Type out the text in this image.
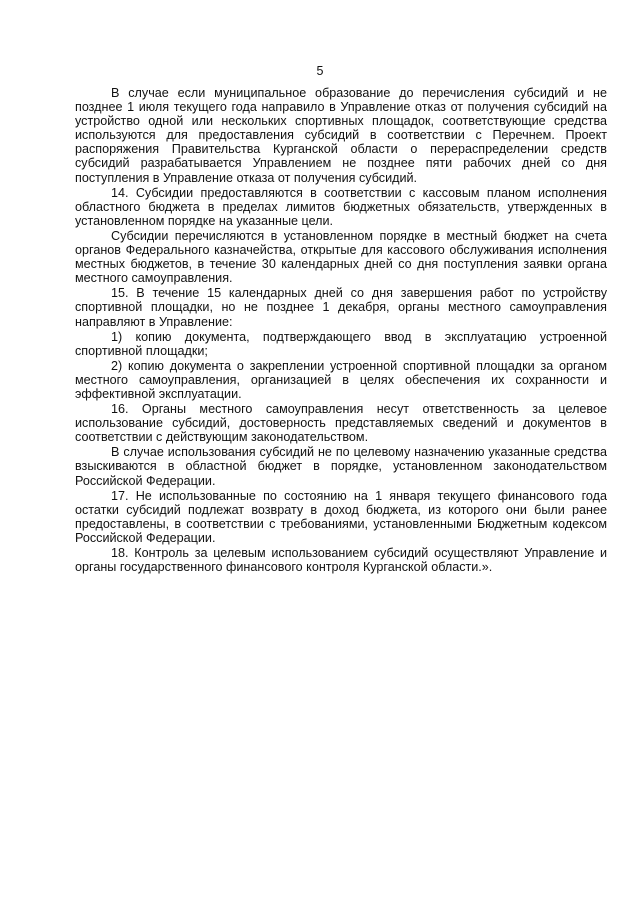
5

В случае если муниципальное образование до перечисления субсидий и не позднее 1 июля текущего года направило в Управление отказ от получения субсидий на устройство одной или нескольких спортивных площадок, соответствующие средства используются для предоставления субсидий в соответствии с Перечнем. Проект распоряжения Правительства Курганской области о перераспределении средств субсидий разрабатывается Управлением не позднее пяти рабочих дней со дня поступления в Управление отказа от получения субсидий.

14. Субсидии предоставляются в соответствии с кассовым планом исполнения областного бюджета в пределах лимитов бюджетных обязательств, утвержденных в установленном порядке на указанные цели.

Субсидии перечисляются в установленном порядке в местный бюджет на счета органов Федерального казначейства, открытые для кассового обслуживания исполнения местных бюджетов, в течение 30 календарных дней со дня поступления заявки органа местного самоуправления.

15. В течение 15 календарных дней со дня завершения работ по устройству спортивной площадки, но не позднее 1 декабря, органы местного самоуправления направляют в Управление:

1) копию документа, подтверждающего ввод в эксплуатацию устроенной спортивной площадки;

2) копию документа о закреплении устроенной спортивной площадки за органом местного самоуправления, организацией в целях обеспечения их сохранности и эффективной эксплуатации.

16. Органы местного самоуправления несут ответственность за целевое использование субсидий, достоверность представляемых сведений и документов в соответствии с действующим законодательством.

В случае использования субсидий не по целевому назначению указанные средства взыскиваются в областной бюджет в порядке, установленном законодательством Российской Федерации.

17. Не использованные по состоянию на 1 января текущего финансового года остатки субсидий подлежат возврату в доход бюджета, из которого они были ранее предоставлены, в соответствии с требованиями, установленными Бюджетным кодексом Российской Федерации.

18. Контроль за целевым использованием субсидий осуществляют Управление и органы государственного финансового контроля Курганской области.».
